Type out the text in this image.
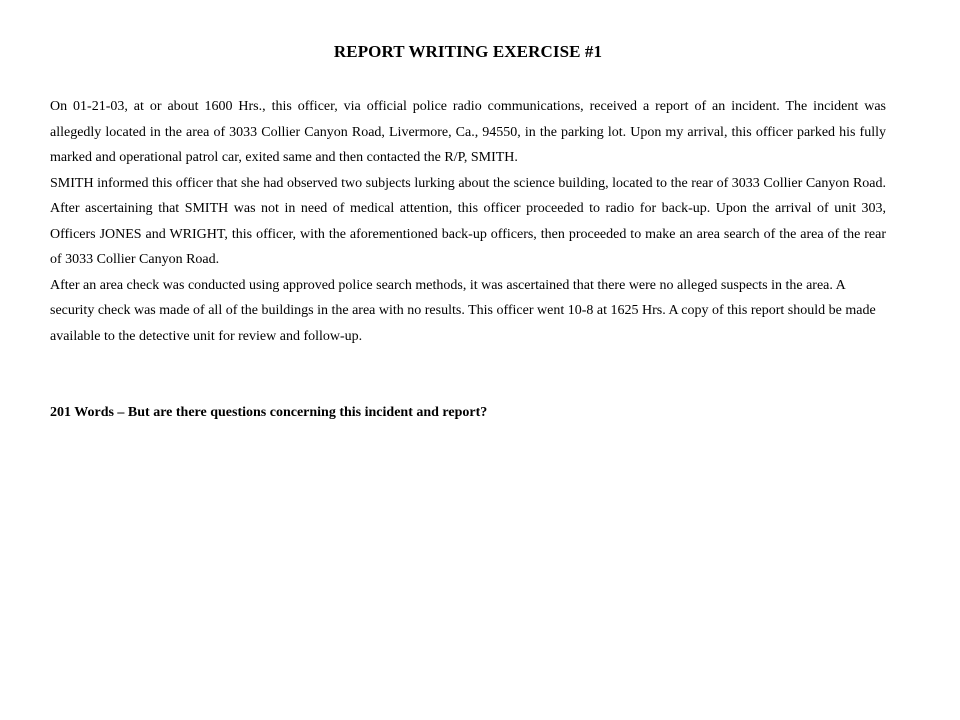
REPORT WRITING EXERCISE #1

On 01-21-03, at or about 1600 Hrs., this officer, via official police radio communications, received a report of an incident. The incident was allegedly located in the area of 3033 Collier Canyon Road, Livermore, Ca., 94550, in the parking lot. Upon my arrival, this officer parked his fully marked and operational patrol car, exited same and then contacted the R/P, SMITH.

SMITH informed this officer that she had observed two subjects lurking about the science building, located to the rear of 3033 Collier Canyon Road. After ascertaining that SMITH was not in need of medical attention, this officer proceeded to radio for back-up. Upon the arrival of unit 303, Officers JONES and WRIGHT, this officer, with the aforementioned back-up officers, then proceeded to make an area search of the area of the rear of 3033 Collier Canyon Road.

After an area check was conducted using approved police search methods, it was ascertained that there were no alleged suspects in the area. A security check was made of all of the buildings in the area with no results. This officer went 10-8 at 1625 Hrs. A copy of this report should be made available to the detective unit for review and follow-up.

201 Words – But are there questions concerning this incident and report?
